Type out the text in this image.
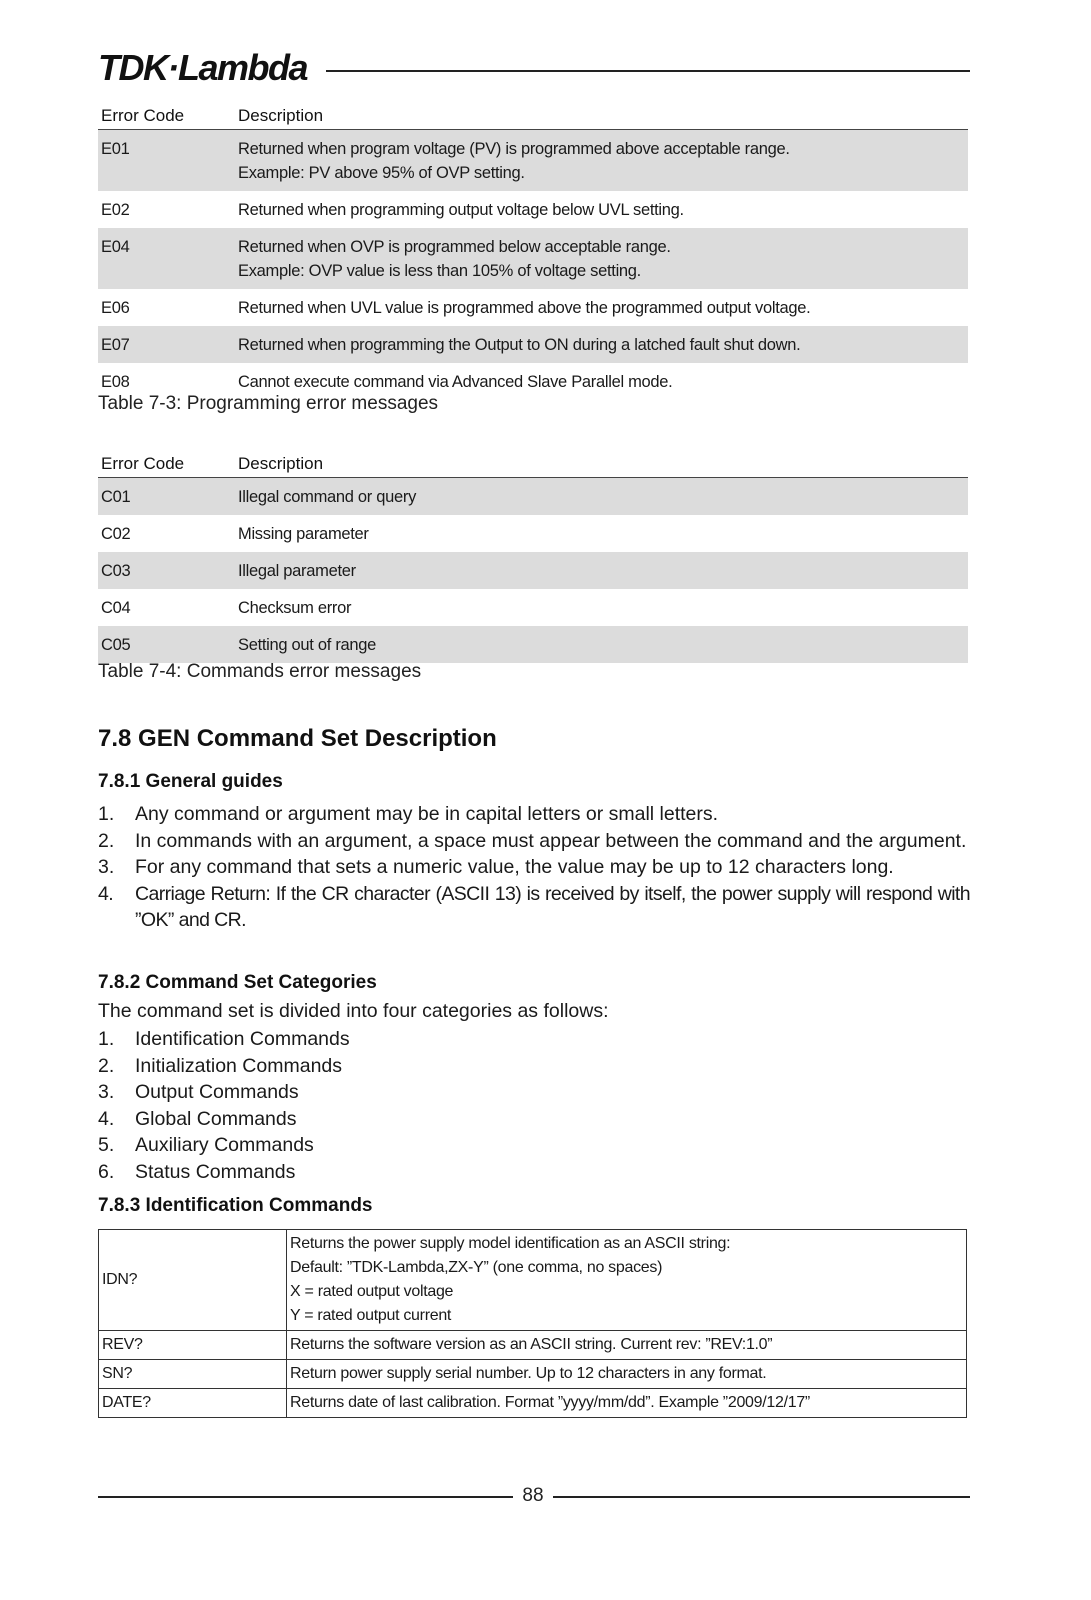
TDK·Lambda
Error Code	Description
E01	Returned when program voltage (PV) is programmed above acceptable range.
Example: PV above 95% of OVP setting.

E02	Returned when programming output voltage below UVL setting.

E04	Returned when OVP is programmed below acceptable range.
Example: OVP value is less than 105% of voltage setting.

E06	Returned when UVL value is programmed above the programmed output voltage.

E07	Returned when programming the Output to ON during a latched fault shut down.

E08	Cannot execute command via Advanced Slave Parallel mode.
Table 7-3: Programming error messages
Error Code	Description
C01	Illegal command or query
C02	Missing parameter
C03	Illegal parameter
C04	Checksum error
C05	Setting out of range
Table 7-4: Commands error messages
7.8 GEN Command Set Description
7.8.1 General guides
1. Any command or argument may be in capital letters or small letters.
2. In commands with an argument, a space must appear between the command and the argument.
3. For any command that sets a numeric value, the value may be up to 12 characters long.
4. Carriage Return: If the CR character (ASCII 13) is received by itself, the power supply will respond with ”OK” and CR.
7.8.2 Command Set Categories
The command set is divided into four categories as follows:
1. Identification Commands
2. Initialization Commands
3. Output Commands
4. Global Commands
5. Auxiliary Commands
6. Status Commands
7.8.3 Identification Commands
IDN?	Returns the power supply model identification as an ASCII string:
Default: ”TDK-Lambda,ZX-Y” (one comma, no spaces)
X = rated output voltage
Y = rated output current

REV?	Returns the software version as an ASCII string. Current rev: ”REV:1.0”

SN?	Return power supply serial number. Up to 12 characters in any format.

DATE?	Returns date of last calibration. Format ”yyyy/mm/dd”. Example ”2009/12/17”
88
